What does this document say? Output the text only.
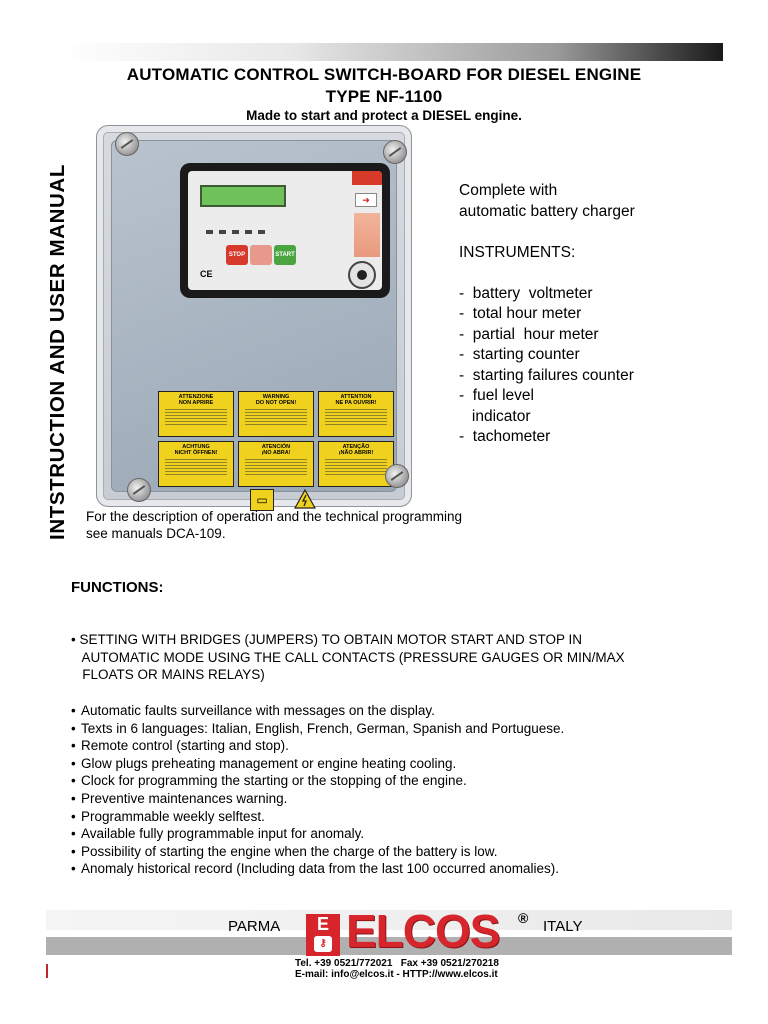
AUTOMATIC CONTROL SWITCH-BOARD FOR DIESEL ENGINE
TYPE NF-1100
Made to start and protect a DIESEL engine.
INTSTRUCTION AND USER MANUAL	➜
STOP	START
CE
ATTENZIONE
NON APRIRE
WARNING
DO NOT OPEN!
ATTENTION
NE PA OUVRIR!
ACHTUNG
NICHT ÖFFNEN!
ATENCIÓN
¡NO ABRA!
ATENÇÃO
¡NÃO ABRIR!
▭
Complete with
automatic battery charger

INSTRUMENTS:

-  battery  voltmeter
-  total hour meter
-  partial  hour meter
-  starting counter
-  starting failures counter
-  fuel level
indicator
-  tachometer
For the description of operation and the technical programming
see manuals DCA-109.
FUNCTIONS:
• SETTING WITH BRIDGES (JUMPERS) TO OBTAIN MOTOR START AND STOP IN
AUTOMATIC MODE USING THE CALL CONTACTS (PRESSURE GAUGES OR MIN/MAX
FLOATS OR MAINS RELAYS)
• Automatic faults surveillance with messages on the display.
• Texts in 6 languages: Italian, English, French, German, Spanish and Portuguese.
• Remote control (starting and stop).
• Glow plugs preheating management or engine heating cooling.
• Clock for programming the starting or the stopping of the engine.
• Preventive maintenances warning.
• Programmable weekly selftest.
• Available fully programmable input for anomaly.
• Possibility of starting the engine when the charge of the battery is low.
• Anomaly historical record (Including data from the last 100 occurred anomalies).
PARMA	E
⚷ ELCOS ® ITALY
Tel. +39 0521/772021   Fax +39 0521/270218
E-mail: info@elcos.it - HTTP://www.elcos.it
